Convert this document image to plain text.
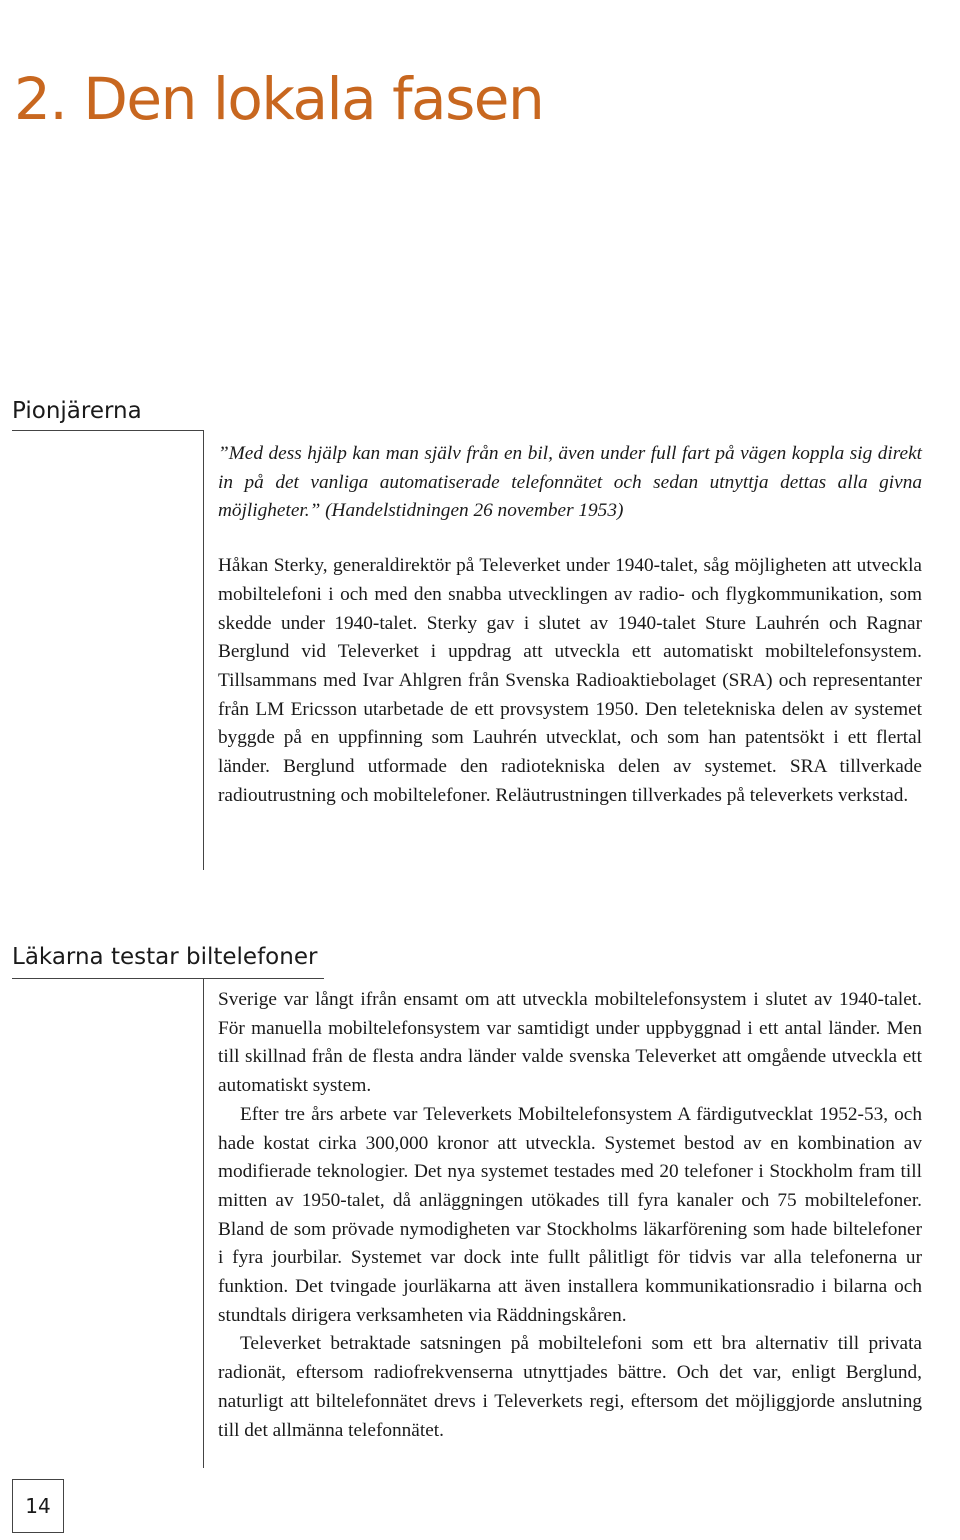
2. Den lokala fasen
Pionjärerna

”Med dess hjälp kan man själv från en bil, även under full fart på vägen koppla sig direkt in på det vanliga automatiserade telefonnätet och sedan utnyttja dettas alla givna möjligheter.” (Handelstidningen 26 november 1953)

Håkan Sterky, generaldirektör på Televerket under 1940-talet, såg möjligheten att utveckla mobiltelefoni i och med den snabba utvecklingen av radio- och flygkommunikation, som skedde under 1940-talet. Sterky gav i slutet av 1940-talet Sture Lauhrén och Ragnar Berglund vid Televerket i uppdrag att utveckla ett automatiskt mobiltelefonsystem. Tillsammans med Ivar Ahlgren från Svenska Radioaktiebolaget (SRA) och representanter från LM Ericsson utarbetade de ett provsystem 1950. Den teletekniska delen av systemet byggde på en uppfinning som Lauhrén utvecklat, och som han patentsökt i ett flertal länder. Berglund utformade den radiotekniska delen av systemet. SRA tillverkade radioutrustning och mobiltelefoner. Reläutrustningen tillverkades på televerkets verkstad.

Läkarna testar biltelefoner

Sverige var långt ifrån ensamt om att utveckla mobiltelefonsystem i slutet av 1940-talet. För manuella mobiltelefonsystem var samtidigt under uppbyggnad i ett antal länder. Men till skillnad från de flesta andra länder valde svenska Televerket att omgående utveckla ett automatiskt system.

Efter tre års arbete var Televerkets Mobiltelefonsystem A färdigutvecklat 1952-53, och hade kostat cirka 300,000 kronor att utveckla. Systemet bestod av en kombination av modifierade teknologier. Det nya systemet testades med 20 telefoner i Stockholm fram till mitten av 1950-talet, då anläggningen utökades till fyra kanaler och 75 mobiltelefoner. Bland de som prövade nymodigheten var Stockholms läkarförening som hade biltelefoner i fyra jourbilar. Systemet var dock inte fullt pålitligt för tidvis var alla telefonerna ur funktion. Det tvingade jourläkarna att även installera kommunikationsradio i bilarna och stundtals dirigera verksamheten via Räddningskåren.

Televerket betraktade satsningen på mobiltelefoni som ett bra alternativ till privata radionät, eftersom radiofrekvenserna utnyttjades bättre. Och det var, enligt Berglund, naturligt att biltelefonnätet drevs i Televerkets regi, eftersom det möjliggjorde anslutning till det allmänna telefonnätet.

14
